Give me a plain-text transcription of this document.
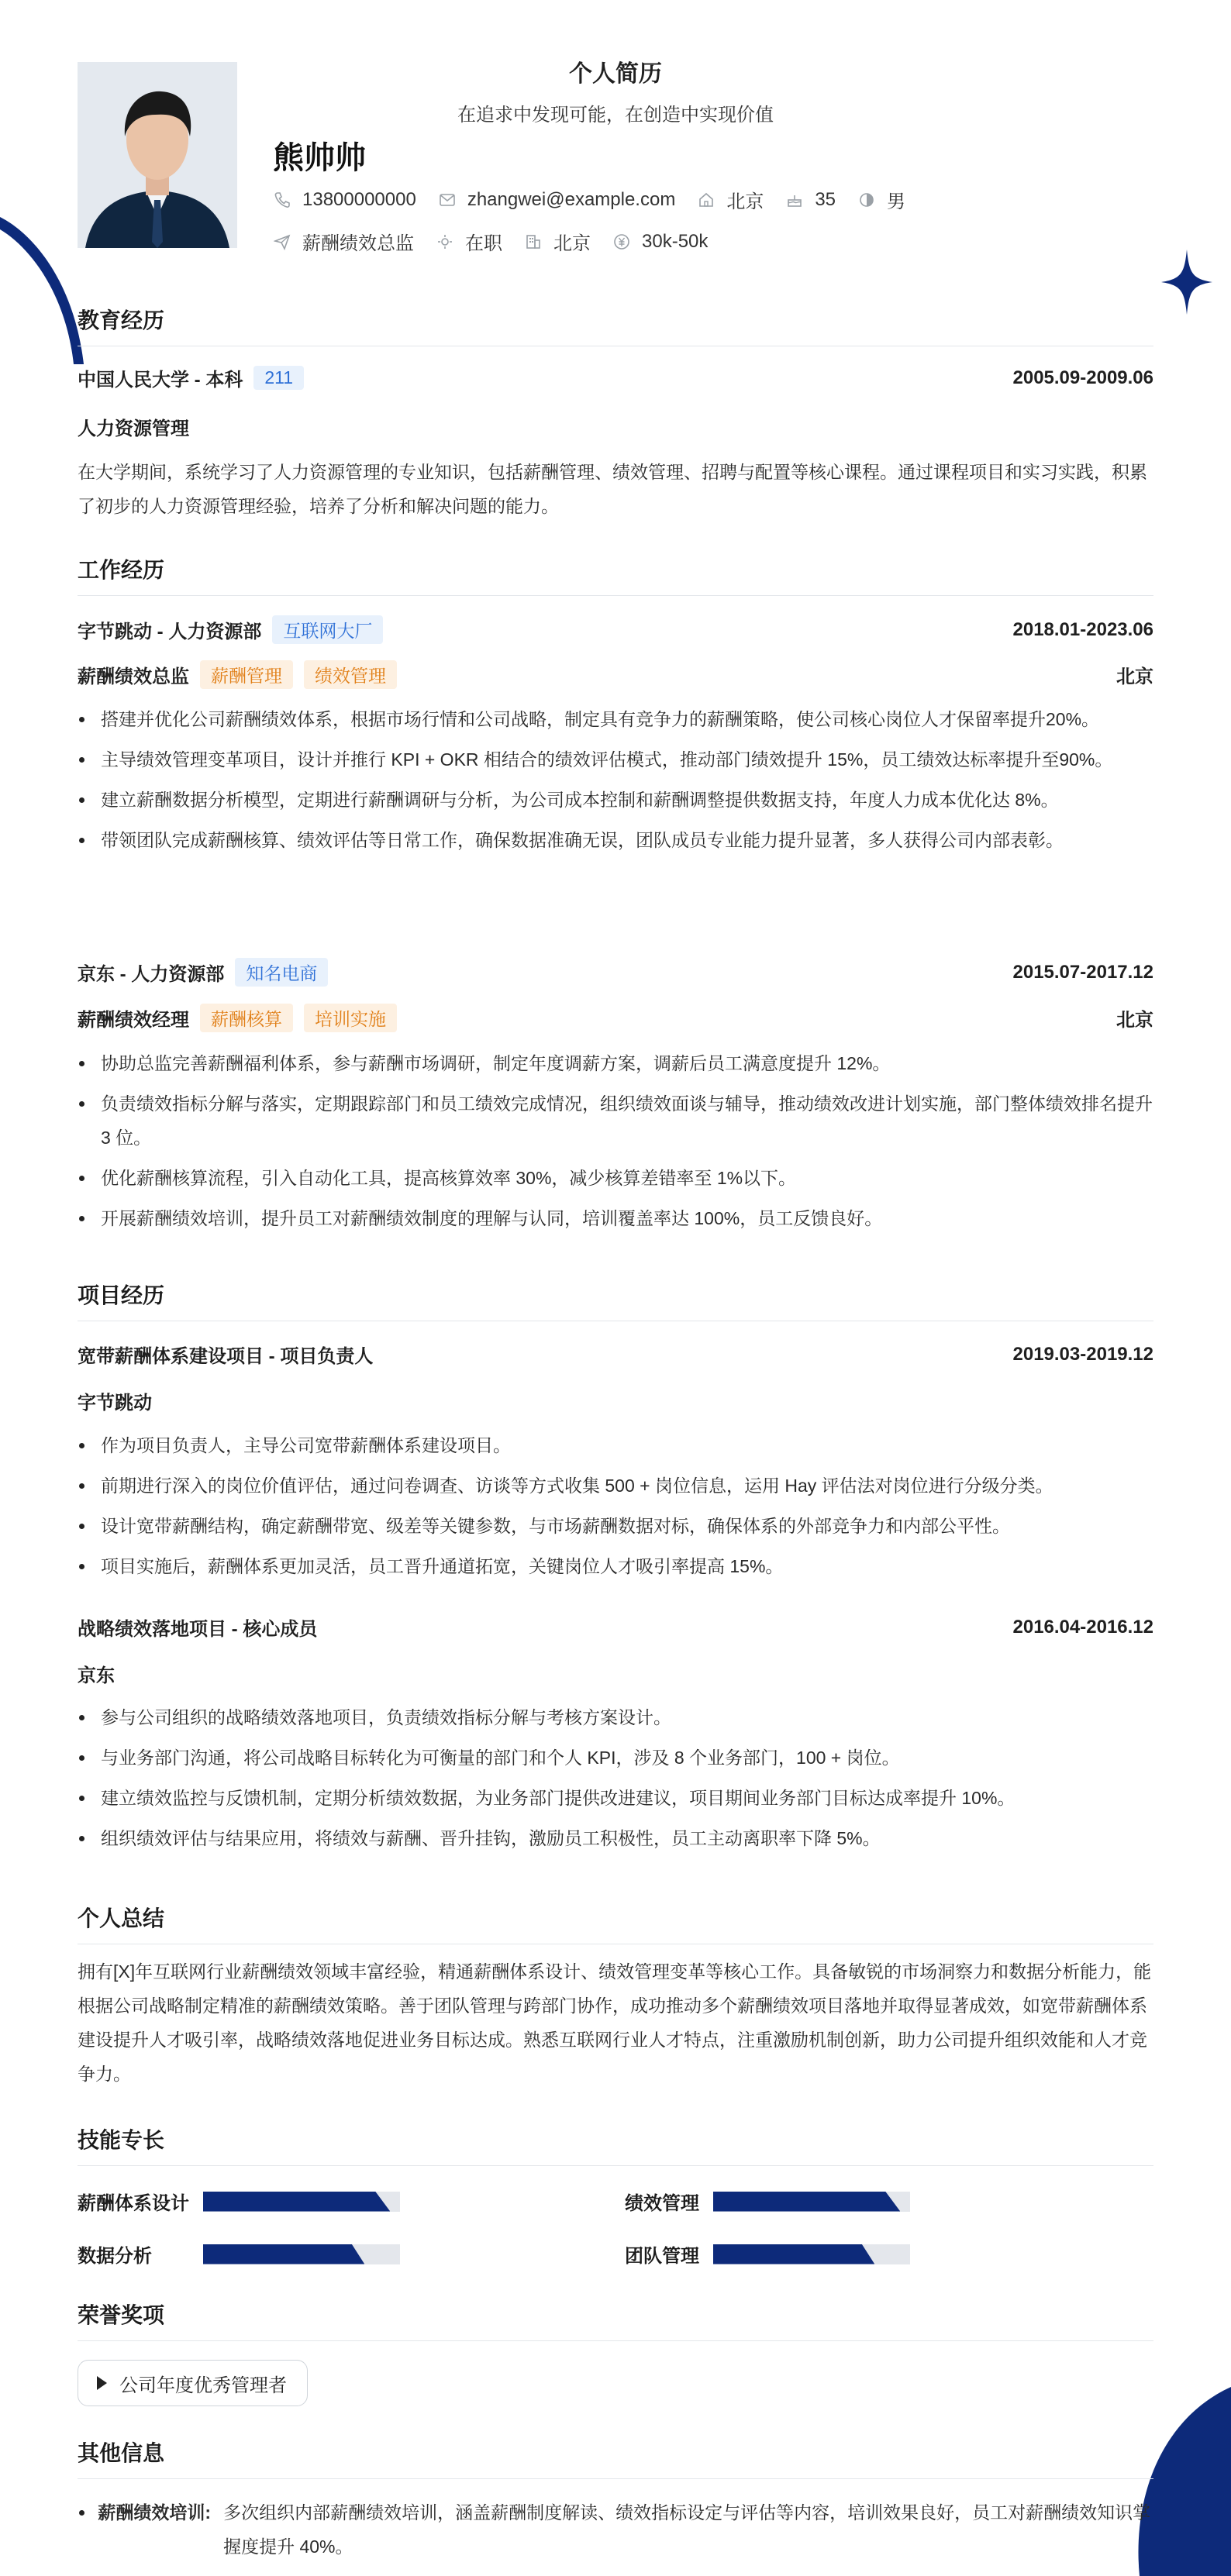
个人简历
在追求中发现可能，在创造中实现价值
熊帅帅
13800000000	zhangwei@example.com	北京	35	男
薪酬绩效总监	在职	北京	30k-50k
教育经历
中国人民大学 - 本科	211	2005.09-2009.06
人力资源管理
在大学期间，系统学习了人力资源管理的专业知识，包括薪酬管理、绩效管理、招聘与配置等核心课程。通过课程项目和实习实践，积累了初步的人力资源管理经验，培养了分析和解决问题的能力。
工作经历
字节跳动 - 人力资源部	互联网大厂	2018.01-2023.06
薪酬绩效总监	薪酬管理	绩效管理	北京
搭建并优化公司薪酬绩效体系，根据市场行情和公司战略，制定具有竞争力的薪酬策略，使公司核心岗位人才保留率提升20%。
主导绩效管理变革项目，设计并推行 KPI + OKR 相结合的绩效评估模式，推动部门绩效提升 15%，员工绩效达标率提升至90%。
建立薪酬数据分析模型，定期进行薪酬调研与分析，为公司成本控制和薪酬调整提供数据支持，年度人力成本优化达 8%。
带领团队完成薪酬核算、绩效评估等日常工作，确保数据准确无误，团队成员专业能力提升显著，多人获得公司内部表彰。
京东 - 人力资源部	知名电商	2015.07-2017.12
薪酬绩效经理	薪酬核算	培训实施	北京
协助总监完善薪酬福利体系，参与薪酬市场调研，制定年度调薪方案，调薪后员工满意度提升 12%。
负责绩效指标分解与落实，定期跟踪部门和员工绩效完成情况，组织绩效面谈与辅导，推动绩效改进计划实施，部门整体绩效排名提升 3 位。
优化薪酬核算流程，引入自动化工具，提高核算效率 30%，减少核算差错率至 1%以下。
开展薪酬绩效培训，提升员工对薪酬绩效制度的理解与认同，培训覆盖率达 100%，员工反馈良好。
项目经历
宽带薪酬体系建设项目 - 项目负责人	2019.03-2019.12
字节跳动
作为项目负责人，主导公司宽带薪酬体系建设项目。
前期进行深入的岗位价值评估，通过问卷调查、访谈等方式收集 500 + 岗位信息，运用 Hay 评估法对岗位进行分级分类。
设计宽带薪酬结构，确定薪酬带宽、级差等关键参数，与市场薪酬数据对标，确保体系的外部竞争力和内部公平性。
项目实施后，薪酬体系更加灵活，员工晋升通道拓宽，关键岗位人才吸引率提高 15%。
战略绩效落地项目 - 核心成员	2016.04-2016.12
京东
参与公司组织的战略绩效落地项目，负责绩效指标分解与考核方案设计。
与业务部门沟通，将公司战略目标转化为可衡量的部门和个人 KPI，涉及 8 个业务部门，100 + 岗位。
建立绩效监控与反馈机制，定期分析绩效数据，为业务部门提供改进建议，项目期间业务部门目标达成率提升 10%。
组织绩效评估与结果应用，将绩效与薪酬、晋升挂钩，激励员工积极性，员工主动离职率下降 5%。
个人总结
拥有[X]年互联网行业薪酬绩效领域丰富经验，精通薪酬体系设计、绩效管理变革等核心工作。具备敏锐的市场洞察力和数据分析能力，能根据公司战略制定精准的薪酬绩效策略。善于团队管理与跨部门协作，成功推动多个薪酬绩效项目落地并取得显著成效，如宽带薪酬体系建设提升人才吸引率，战略绩效落地促进业务目标达成。熟悉互联网行业人才特点，注重激励机制创新，助力公司提升组织效能和人才竞争力。
技能专长
薪酬体系设计	绩效管理
数据分析	团队管理
荣誉奖项
公司年度优秀管理者
其他信息
薪酬绩效培训: 多次组织内部薪酬绩效培训，涵盖薪酬制度解读、绩效指标设定与评估等内容，培训效果良好，员工对薪酬绩效知识掌握度提升 40%。
